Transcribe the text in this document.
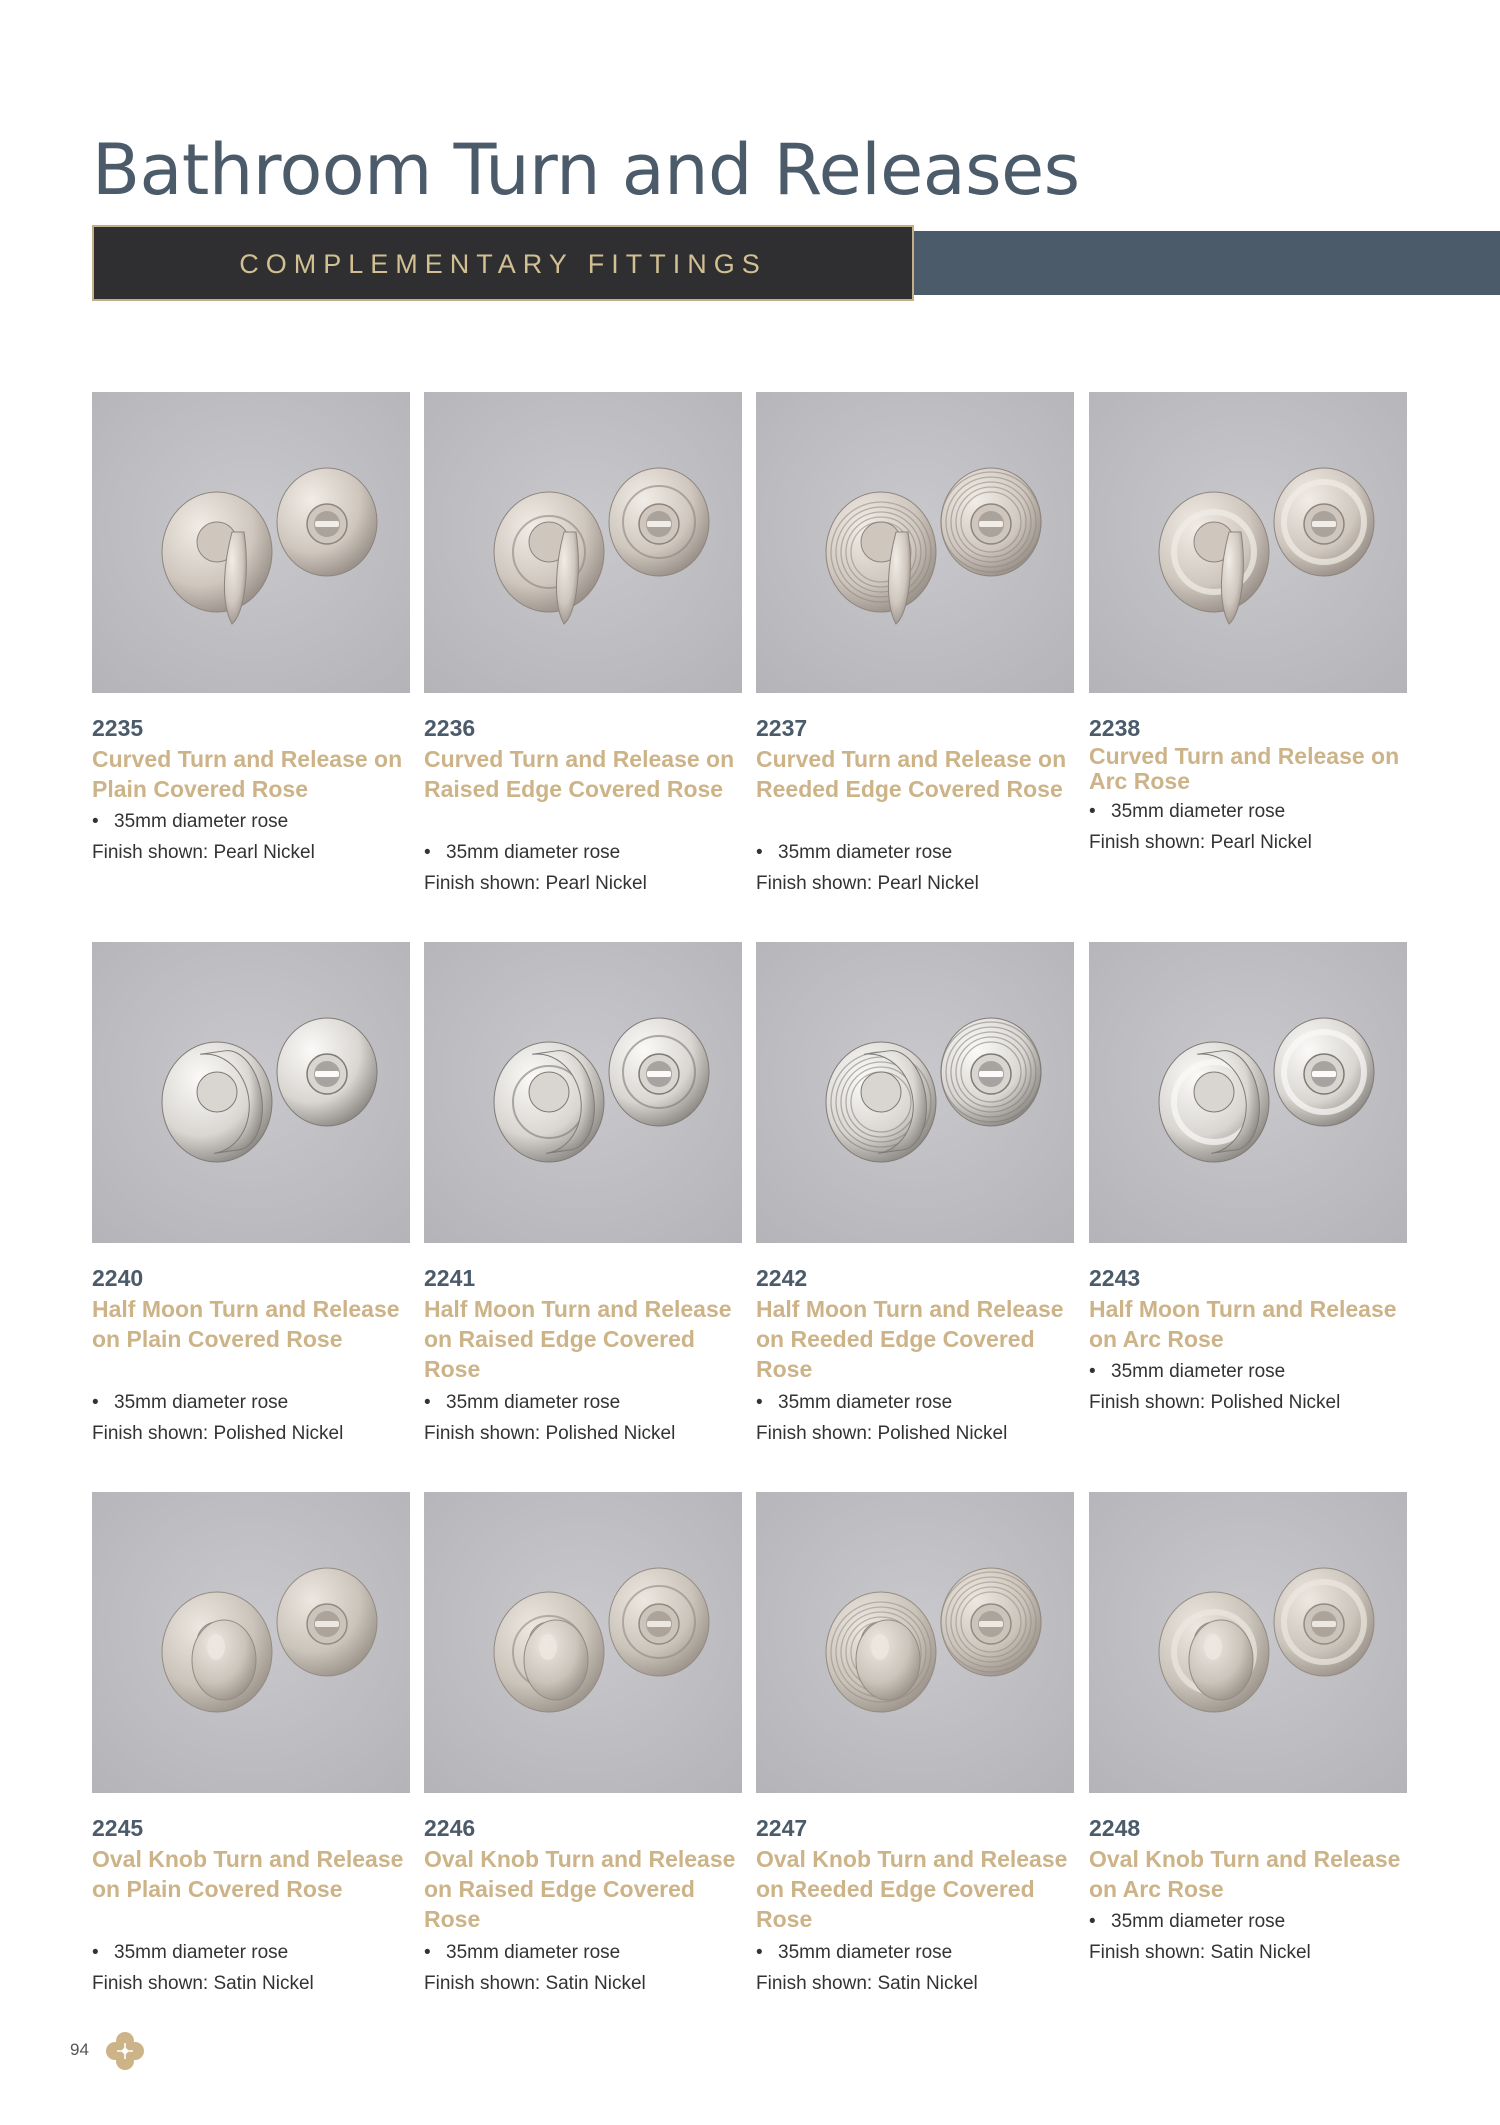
Bathroom Turn and Releases
COMPLEMENTARY FITTINGS
2235
Curved Turn and Release on Plain Covered Rose
• 35mm diameter rose
Finish shown: Pearl Nickel
2236
Curved Turn and Release on Raised Edge Covered Rose
• 35mm diameter rose
Finish shown: Pearl Nickel
2237
Curved Turn and Release on Reeded Edge Covered Rose
• 35mm diameter rose
Finish shown: Pearl Nickel
2238
Curved Turn and Release on Arc Rose
• 35mm diameter rose
Finish shown: Pearl Nickel
2240
Half Moon Turn and Release on Plain Covered Rose
• 35mm diameter rose
Finish shown: Polished Nickel
2241
Half Moon Turn and Release on Raised Edge Covered Rose
• 35mm diameter rose
Finish shown: Polished Nickel
2242
Half Moon Turn and Release on Reeded Edge Covered Rose
• 35mm diameter rose
Finish shown: Polished Nickel
2243
Half Moon Turn and Release on Arc Rose
• 35mm diameter rose
Finish shown: Polished Nickel
2245
Oval Knob Turn and Release on Plain Covered Rose
• 35mm diameter rose
Finish shown: Satin Nickel
2246
Oval Knob Turn and Release on Raised Edge Covered Rose
• 35mm diameter rose
Finish shown: Satin Nickel
2247
Oval Knob Turn and Release on Reeded Edge Covered Rose
• 35mm diameter rose
Finish shown: Satin Nickel
2248
Oval Knob Turn and Release on Arc Rose
• 35mm diameter rose
Finish shown: Satin Nickel
94
